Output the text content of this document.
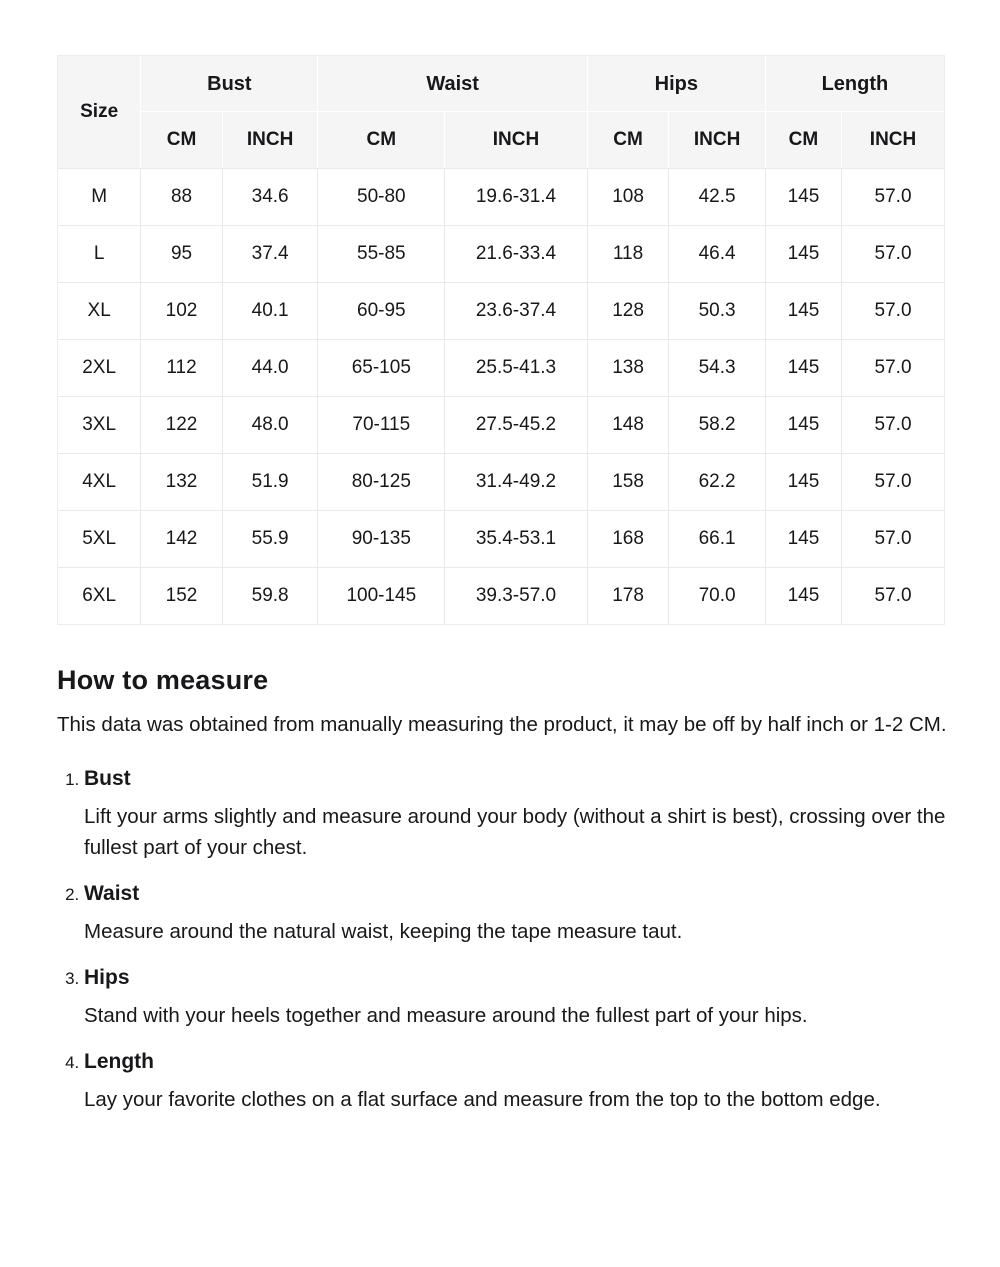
Size	Bust		Waist		Hips		Length	
	CM	INCH	CM	INCH	CM	INCH	CM	INCH
M	88	34.6	50-80	19.6-31.4	108	42.5	145	57.0
L	95	37.4	55-85	21.6-33.4	118	46.4	145	57.0
XL	102	40.1	60-95	23.6-37.4	128	50.3	145	57.0
2XL	112	44.0	65-105	25.5-41.3	138	54.3	145	57.0
3XL	122	48.0	70-115	27.5-45.2	148	58.2	145	57.0
4XL	132	51.9	80-125	31.4-49.2	158	62.2	145	57.0
5XL	142	55.9	90-135	35.4-53.1	168	66.1	145	57.0
6XL	152	59.8	100-145	39.3-57.0	178	70.0	145	57.0
How to measure

This data was obtained from manually measuring the product, it may be off by half inch or 1-2 CM.

1. Bust

Lift your arms slightly and measure around your body (without a shirt is best), crossing over the fullest part of your chest.

2. Waist

Measure around the natural waist, keeping the tape measure taut.

3. Hips

Stand with your heels together and measure around the fullest part of your hips.

4. Length

Lay your favorite clothes on a flat surface and measure from the top to the bottom edge.
